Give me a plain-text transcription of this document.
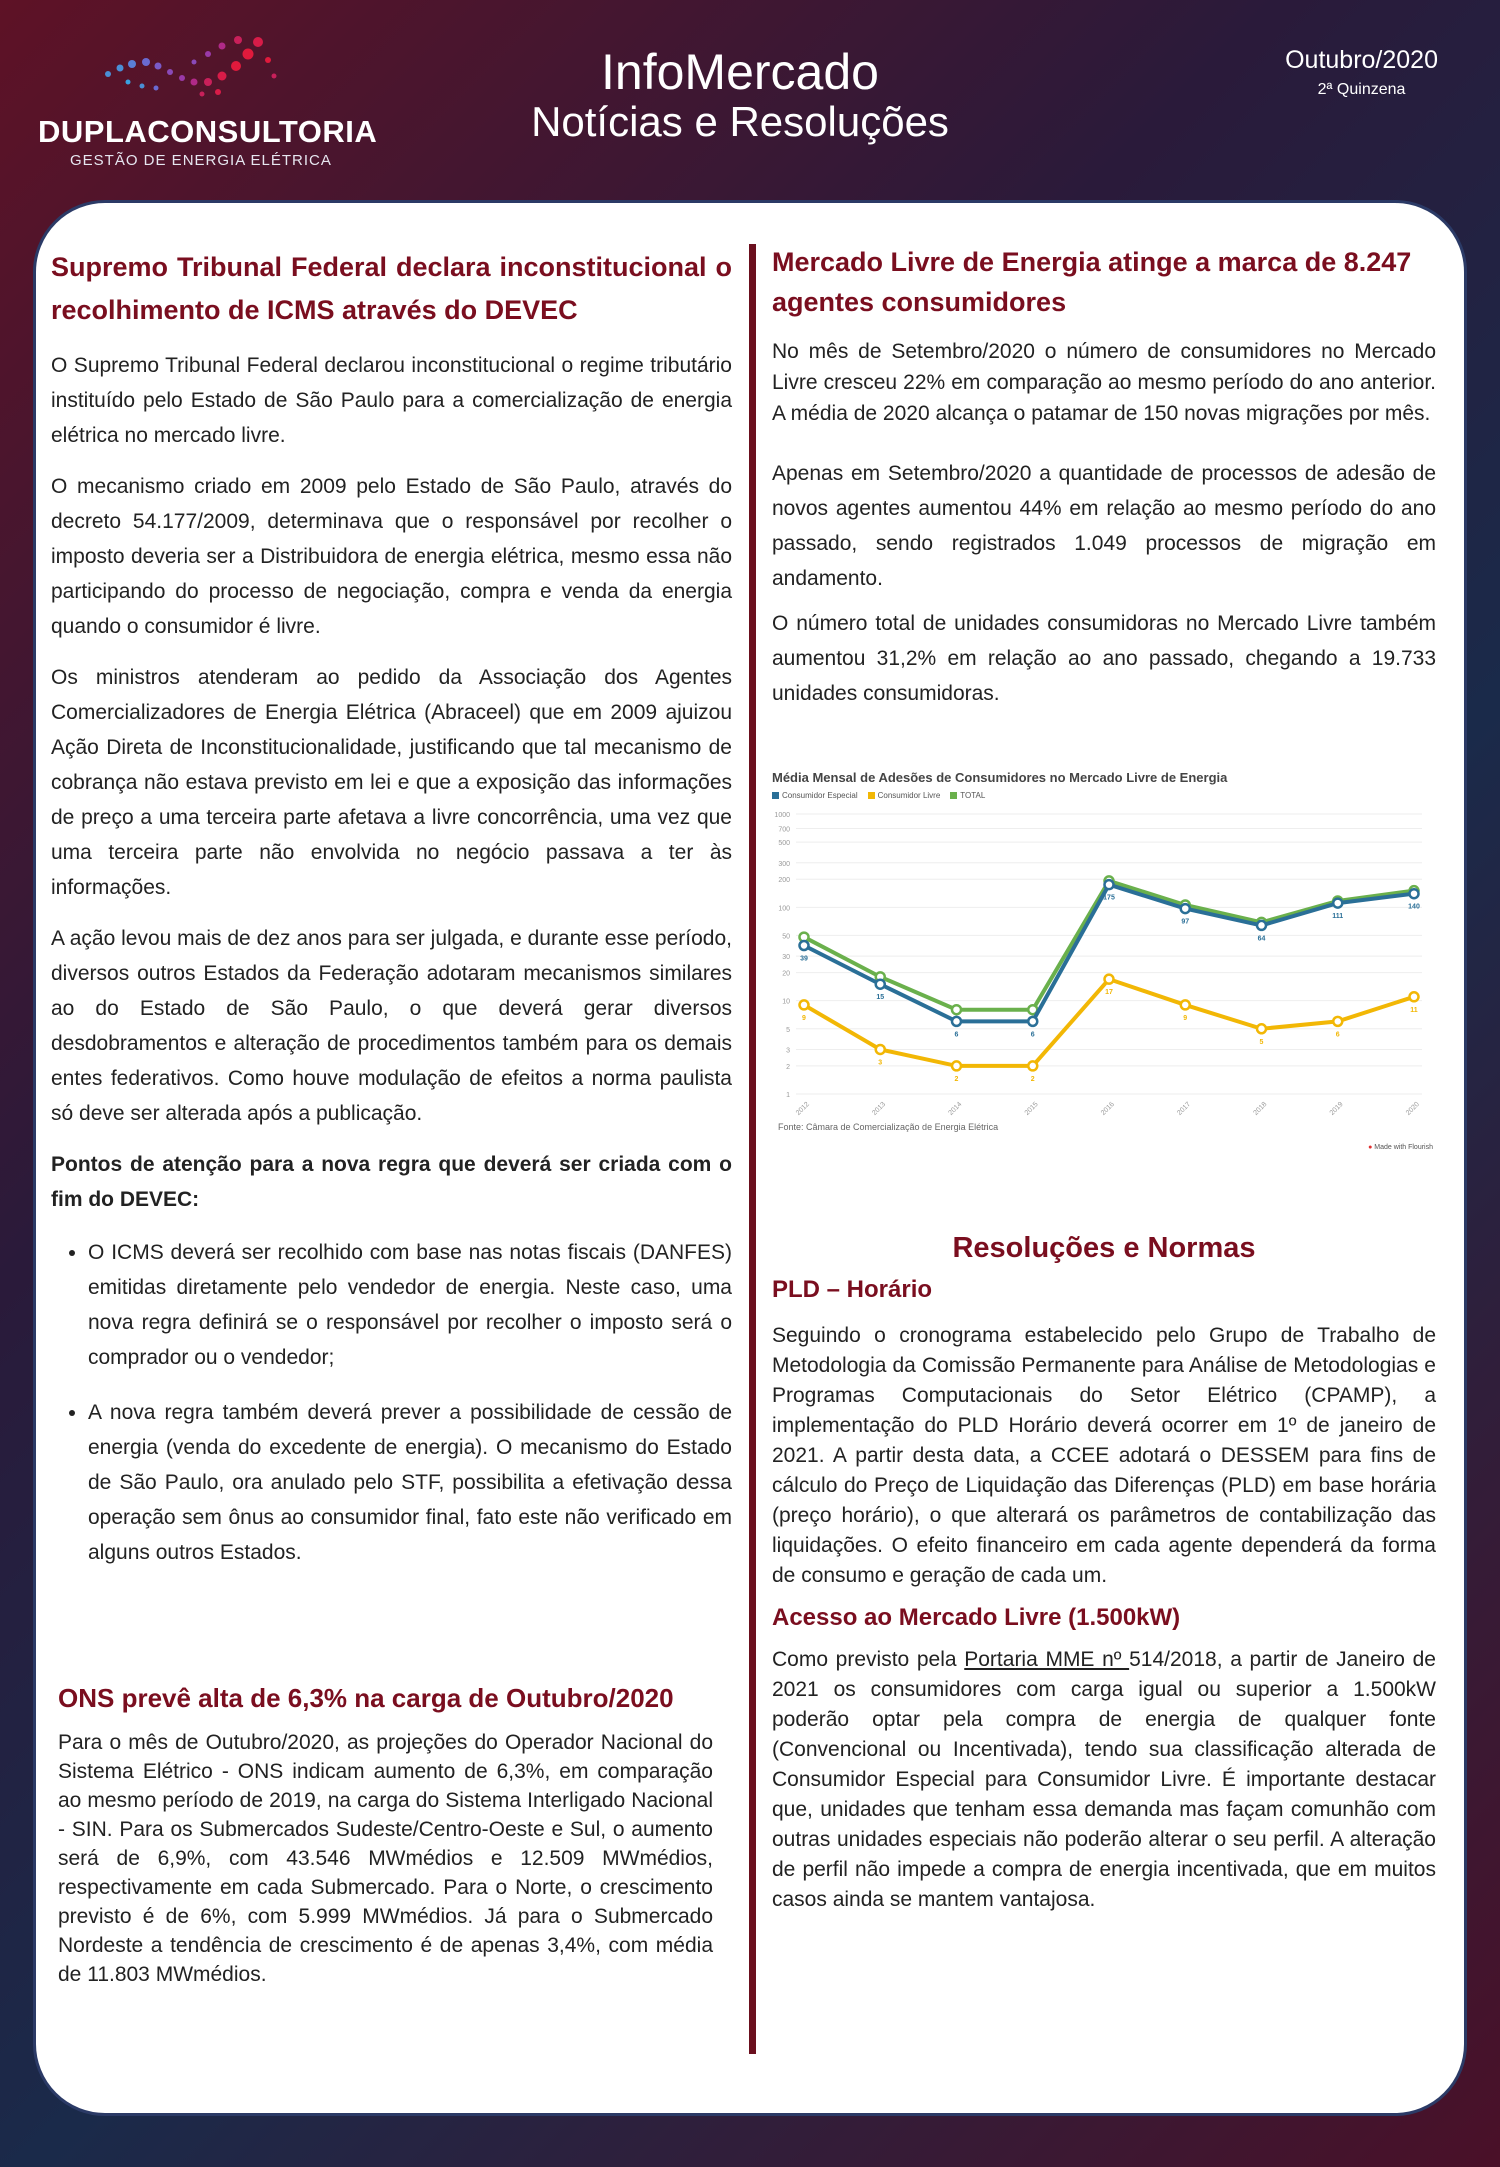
DUPLACONSULTORIA
GESTÃO DE ENERGIA ELÉTRICA
InfoMercado
Notícias e Resoluções
Outubro/2020
2ª Quinzena
Supremo Tribunal Federal declara inconstitucional o recolhimento de ICMS através do DEVEC

O Supremo Tribunal Federal declarou inconstitucional o regime tributário instituído pelo Estado de São Paulo para a comercialização de energia elétrica no mercado livre.

O mecanismo criado em 2009 pelo Estado de São Paulo, através do decreto 54.177/2009, determinava que o responsável por recolher o imposto deveria ser a Distribuidora de energia elétrica, mesmo essa não participando do processo de negociação, compra e venda da energia quando o consumidor é livre.

Os ministros atenderam ao pedido da Associação dos Agentes Comercializadores de Energia Elétrica (Abraceel) que em 2009 ajuizou Ação Direta de Inconstitucionalidade, justificando que tal mecanismo de cobrança não estava previsto em lei e que a exposição das informações de preço a uma terceira parte afetava a livre concorrência, uma vez que uma terceira parte não envolvida no negócio passava a ter às informações.

A ação levou mais de dez anos para ser julgada, e durante esse período, diversos outros Estados da Federação adotaram mecanismos similares ao do Estado de São Paulo, o que deverá gerar diversos desdobramentos e alteração de procedimentos também para os demais entes federativos. Como houve modulação de efeitos a norma paulista só deve ser alterada após a publicação.

Pontos de atenção para a nova regra que deverá ser criada com o fim do DEVEC:

• O ICMS deverá ser recolhido com base nas notas fiscais (DANFES) emitidas diretamente pelo vendedor de energia. Neste caso, uma nova regra definirá se o responsável por recolher o imposto será o comprador ou o vendedor;
• A nova regra também deverá prever a possibilidade de cessão de energia (venda do excedente de energia). O mecanismo do Estado de São Paulo, ora anulado pelo STF, possibilita a efetivação dessa operação sem ônus ao consumidor final, fato este não verificado em alguns outros Estados.
ONS prevê alta de 6,3% na carga de Outubro/2020

Para o mês de Outubro/2020, as projeções do Operador Nacional do Sistema Elétrico - ONS indicam aumento de 6,3%, em comparação ao mesmo período de 2019, na carga do Sistema Interligado Nacional - SIN. Para os Submercados Sudeste/Centro-Oeste e Sul, o aumento será de 6,9%, com 43.546 MWmédios e 12.509 MWmédios, respectivamente em cada Submercado. Para o Norte, o crescimento previsto é de 6%, com 5.999 MWmédios. Já para o Submercado Nordeste a tendência de crescimento é de apenas 3,4%, com média de 11.803 MWmédios.

Mercado Livre de Energia atinge a marca de 8.247 agentes consumidores

No mês de Setembro/2020 o número de consumidores no Mercado Livre cresceu 22% em comparação ao mesmo período do ano anterior. A média de 2020 alcança o patamar de 150 novas migrações por mês.

Apenas em Setembro/2020 a quantidade de processos de adesão de novos agentes aumentou 44% em relação ao mesmo período do ano passado, sendo registrados 1.049 processos de migração em andamento.

O número total de unidades consumidoras no Mercado Livre também aumentou 31,2% em relação ao ano passado, chegando a 19.733 unidades consumidoras.

Média Mensal de Adesões de Consumidores no Mercado Livre de Energia
Consumidor Especial	Consumidor Livre	TOTAL
1
2
3
5
10
20
30
50
100
200
300
500
700
1000
2012	2013	2014	2015	2016	2017	2018	2019	2020
39
15
6	6
175
97
64
111
140
9
3
2	2
17
9
5
6
11
Fonte: Câmara de Comercialização de Energia Elétrica
● Made with Flourish
Resoluções e Normas
PLD – Horário

Seguindo o cronograma estabelecido pelo Grupo de Trabalho de Metodologia da Comissão Permanente para Análise de Metodologias e Programas Computacionais do Setor Elétrico (CPAMP), a implementação do PLD Horário deverá ocorrer em 1º de janeiro de 2021. A partir desta data, a CCEE adotará o DESSEM para fins de cálculo do Preço de Liquidação das Diferenças (PLD) em base horária (preço horário), o que alterará os parâmetros de contabilização das liquidações. O efeito financeiro em cada agente dependerá da forma de consumo e geração de cada um.

Acesso ao Mercado Livre (1.500kW)

Como previsto pela Portaria MME nº 514/2018, a partir de Janeiro de 2021 os consumidores com carga igual ou superior a 1.500kW poderão optar pela compra de energia de qualquer fonte (Convencional ou Incentivada), tendo sua classificação alterada de Consumidor Especial para Consumidor Livre. É importante destacar que, unidades que tenham essa demanda mas façam comunhão com outras unidades especiais não poderão alterar o seu perfil. A alteração de perfil não impede a compra de energia incentivada, que em muitos casos ainda se mantem vantajosa.
